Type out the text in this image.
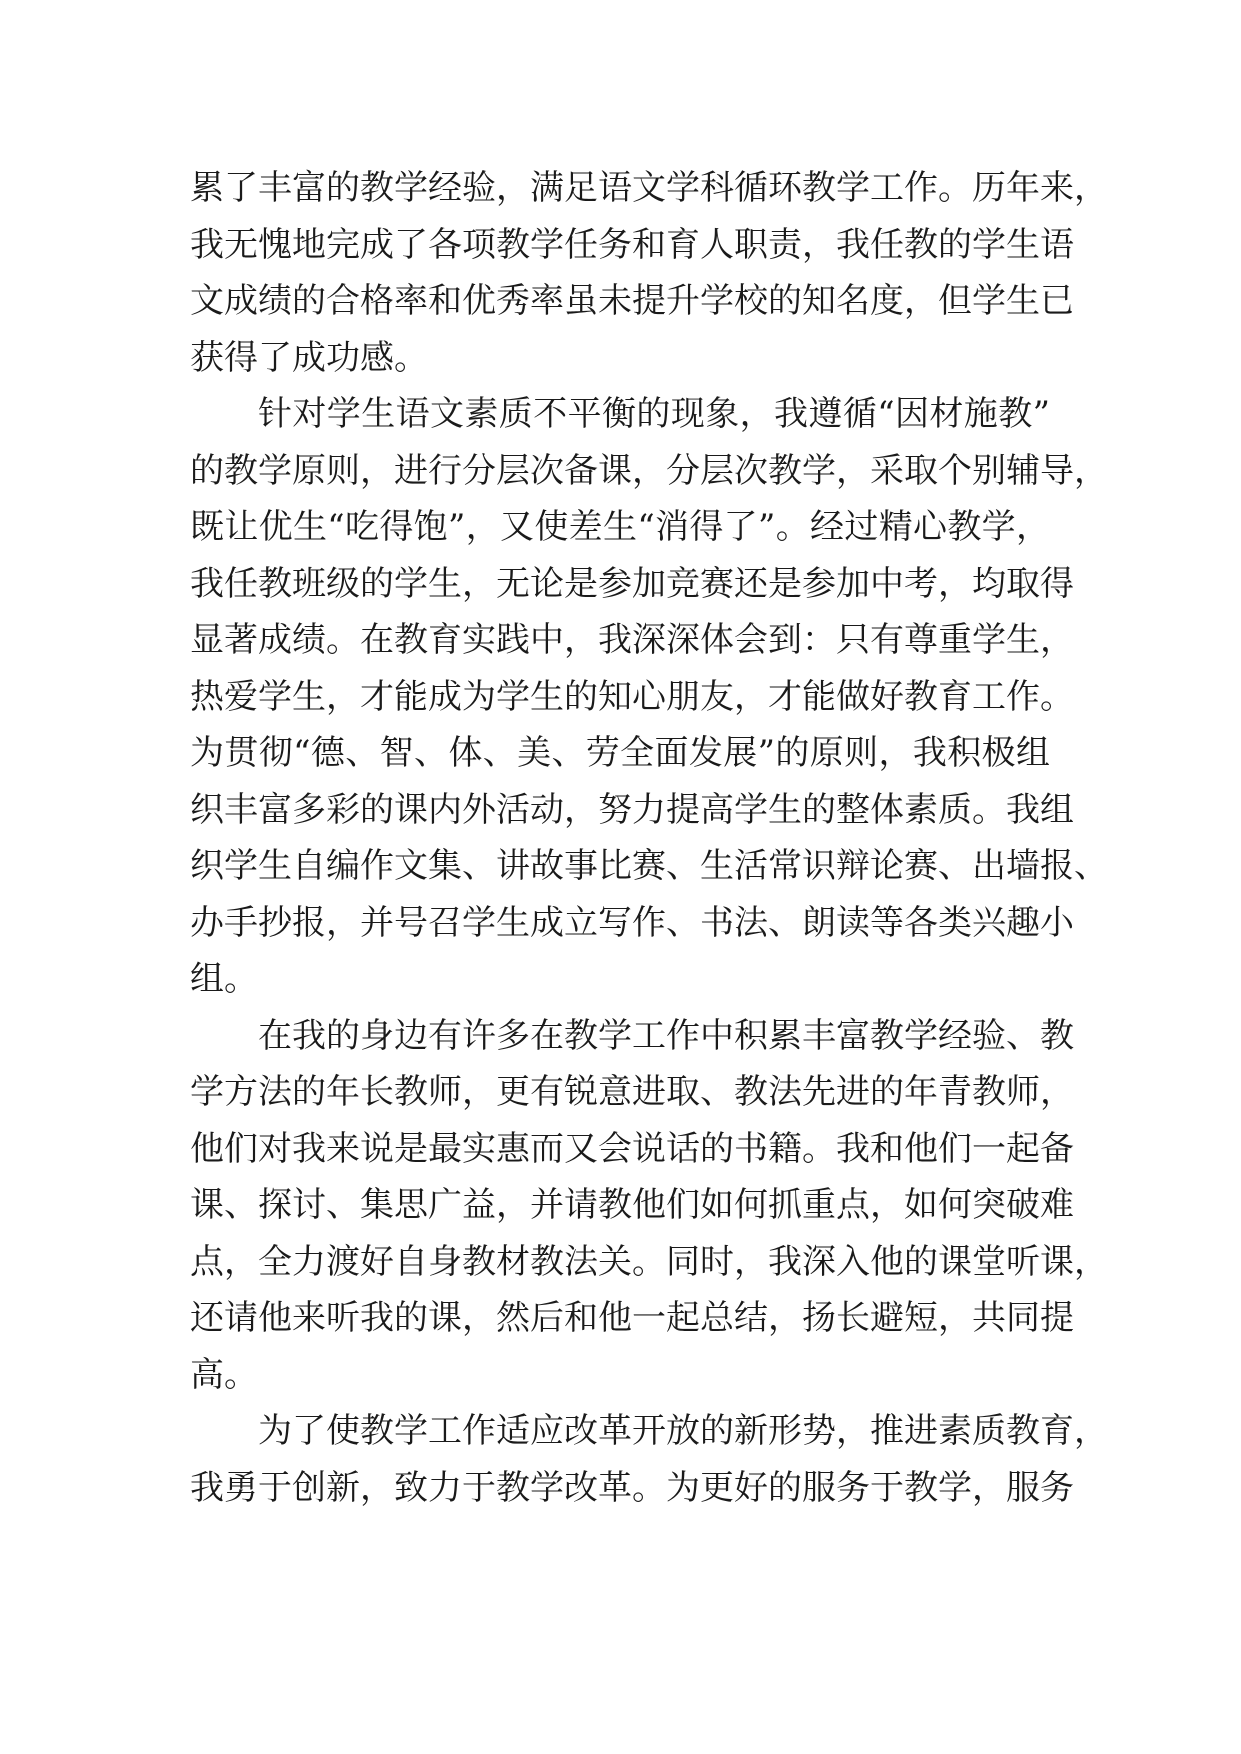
累了丰富的教学经验，满足语文学科循环教学工作。历年来，
我无愧地完成了各项教学任务和育人职责，我任教的学生语
文成绩的合格率和优秀率虽未提升学校的知名度，但学生已
获得了成功感。
针对学生语文素质不平衡的现象，我遵循“因材施教”
的教学原则，进行分层次备课，分层次教学，采取个别辅导，
既让优生“吃得饱”，又使差生“消得了”。经过精心教学，
我任教班级的学生，无论是参加竞赛还是参加中考，均取得
显著成绩。在教育实践中，我深深体会到：只有尊重学生，
热爱学生，才能成为学生的知心朋友，才能做好教育工作。
为贯彻“德、智、体、美、劳全面发展”的原则，我积极组
织丰富多彩的课内外活动，努力提高学生的整体素质。我组
织学生自编作文集、讲故事比赛、生活常识辩论赛、出墙报、
办手抄报，并号召学生成立写作、书法、朗读等各类兴趣小
组。
在我的身边有许多在教学工作中积累丰富教学经验、教
学方法的年长教师，更有锐意进取、教法先进的年青教师，
他们对我来说是最实惠而又会说话的书籍。我和他们一起备
课、探讨、集思广益，并请教他们如何抓重点，如何突破难
点，全力渡好自身教材教法关。同时，我深入他的课堂听课，
还请他来听我的课，然后和他一起总结，扬长避短，共同提
高。
为了使教学工作适应改革开放的新形势，推进素质教育，
我勇于创新，致力于教学改革。为更好的服务于教学，服务
